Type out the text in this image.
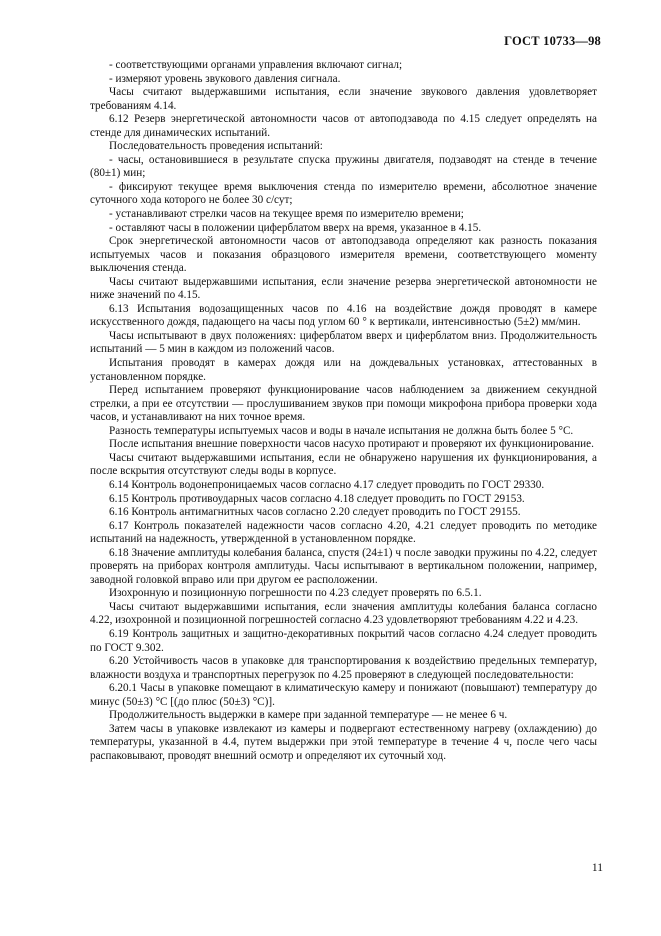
ГОСТ 10733—98

- соответствующими органами управления включают сигнал;

- измеряют уровень звукового давления сигнала.

Часы считают выдержавшими испытания, если значение звукового давления удовлетворяет требованиям 4.14.

6.12 Резерв энергетической автономности часов от автоподзавода по 4.15 следует определять на стенде для динамических испытаний.

Последовательность проведения испытаний:

- часы, остановившиеся в результате спуска пружины двигателя, подзаводят на стенде в течение (80±1) мин;

- фиксируют текущее время выключения стенда по измерителю времени, абсолютное значение суточного хода которого не более 30 с/сут;

- устанавливают стрелки часов на текущее время по измерителю времени;

- оставляют часы в положении циферблатом вверх на время, указанное в 4.15.

Срок энергетической автономности часов от автоподзавода определяют как разность показания испытуемых часов и показания образцового измерителя времени, соответствующего моменту выключения стенда.

Часы считают выдержавшими испытания, если значение резерва энергетической автономности не ниже значений по 4.15.

6.13 Испытания водозащищенных часов по 4.16 на воздействие дождя проводят в камере искусственного дождя, падающего на часы под углом 60 ° к вертикали, интенсивностью (5±2) мм/мин.

Часы испытывают в двух положениях: циферблатом вверх и циферблатом вниз. Продолжительность испытаний — 5 мин в каждом из положений часов.

Испытания проводят в камерах дождя или на дождевальных установках, аттестованных в установленном порядке.

Перед испытанием проверяют функционирование часов наблюдением за движением секундной стрелки, а при ее отсутствии — прослушиванием звуков при помощи микрофона прибора проверки хода часов, и устанавливают на них точное время.

Разность температуры испытуемых часов и воды в начале испытания не должна быть более 5 °С.

После испытания внешние поверхности часов насухо протирают и проверяют их функционирование.

Часы считают выдержавшими испытания, если не обнаружено нарушения их функционирования, а после вскрытия отсутствуют следы воды в корпусе.

6.14 Контроль водонепроницаемых часов согласно 4.17 следует проводить по ГОСТ 29330.

6.15 Контроль противоударных часов согласно 4.18 следует проводить по ГОСТ 29153.

6.16 Контроль антимагнитных часов согласно 2.20 следует проводить по ГОСТ 29155.

6.17 Контроль показателей надежности часов согласно 4.20, 4.21 следует проводить по методике испытаний на надежность, утвержденной в установленном порядке.

6.18 Значение амплитуды колебания баланса, спустя (24±1) ч после заводки пружины по 4.22, следует проверять на приборах контроля амплитуды. Часы испытывают в вертикальном положении, например, заводной головкой вправо или при другом ее расположении.

Изохронную и позиционную погрешности по 4.23 следует проверять по 6.5.1.

Часы считают выдержавшими испытания, если значения амплитуды колебания баланса согласно 4.22, изохронной и позиционной погрешностей согласно 4.23 удовлетворяют требованиям 4.22 и 4.23.

6.19 Контроль защитных и защитно-декоративных покрытий часов согласно 4.24 следует проводить по ГОСТ 9.302.

6.20 Устойчивость часов в упаковке для транспортирования к воздействию предельных температур, влажности воздуха и транспортных перегрузок по 4.25 проверяют в следующей последовательности:

6.20.1 Часы в упаковке помещают в климатическую камеру и понижают (повышают) температуру до минус (50±3) °С [(до плюс (50±3) °С)].

Продолжительность выдержки в камере при заданной температуре — не менее 6 ч.

Затем часы в упаковке извлекают из камеры и подвергают естественному нагреву (охлаждению) до температуры, указанной в 4.4, путем выдержки при этой температуре в течение 4 ч, после чего часы распаковывают, проводят внешний осмотр и определяют их суточный ход.

11
